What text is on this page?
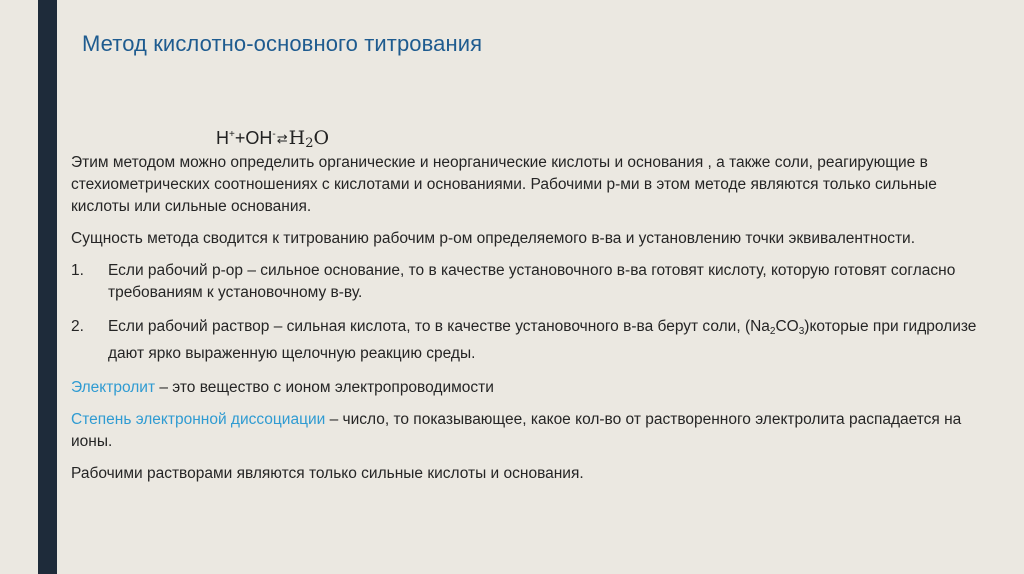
Метод кислотно-основного титрования
$H^++OH^-⇄H_2O$

Этим методом можно определить органические и неорганические кислоты и основания , а также соли, реагирующие в стехиометрических соотношениях с кислотами и основаниями. Рабочими р-ми в этом методе являются только сильные кислоты или сильные основания.

Сущность метода сводится к титрованию рабочим р-ом определяемого в-ва и установлению точки эквивалентности.

1. Если рабочий р-ор – сильное основание, то в качестве установочного в-ва готовят кислоту, которую готовят согласно требованиям к установочному в-ву.
2. Если рабочий раствор – сильная кислота, то в качестве установочного в-ва берут соли, $(Na_2CO_3)которые$ при гидролизе дают ярко выраженную щелочную реакцию среды.

Электролит – это вещество с ионом электропроводимости

Степень электронной диссоциации – число, то показывающее, какое кол-во от растворенного электролита распадается на ионы.

Рабочими растворами являются только сильные кислоты и основания.
